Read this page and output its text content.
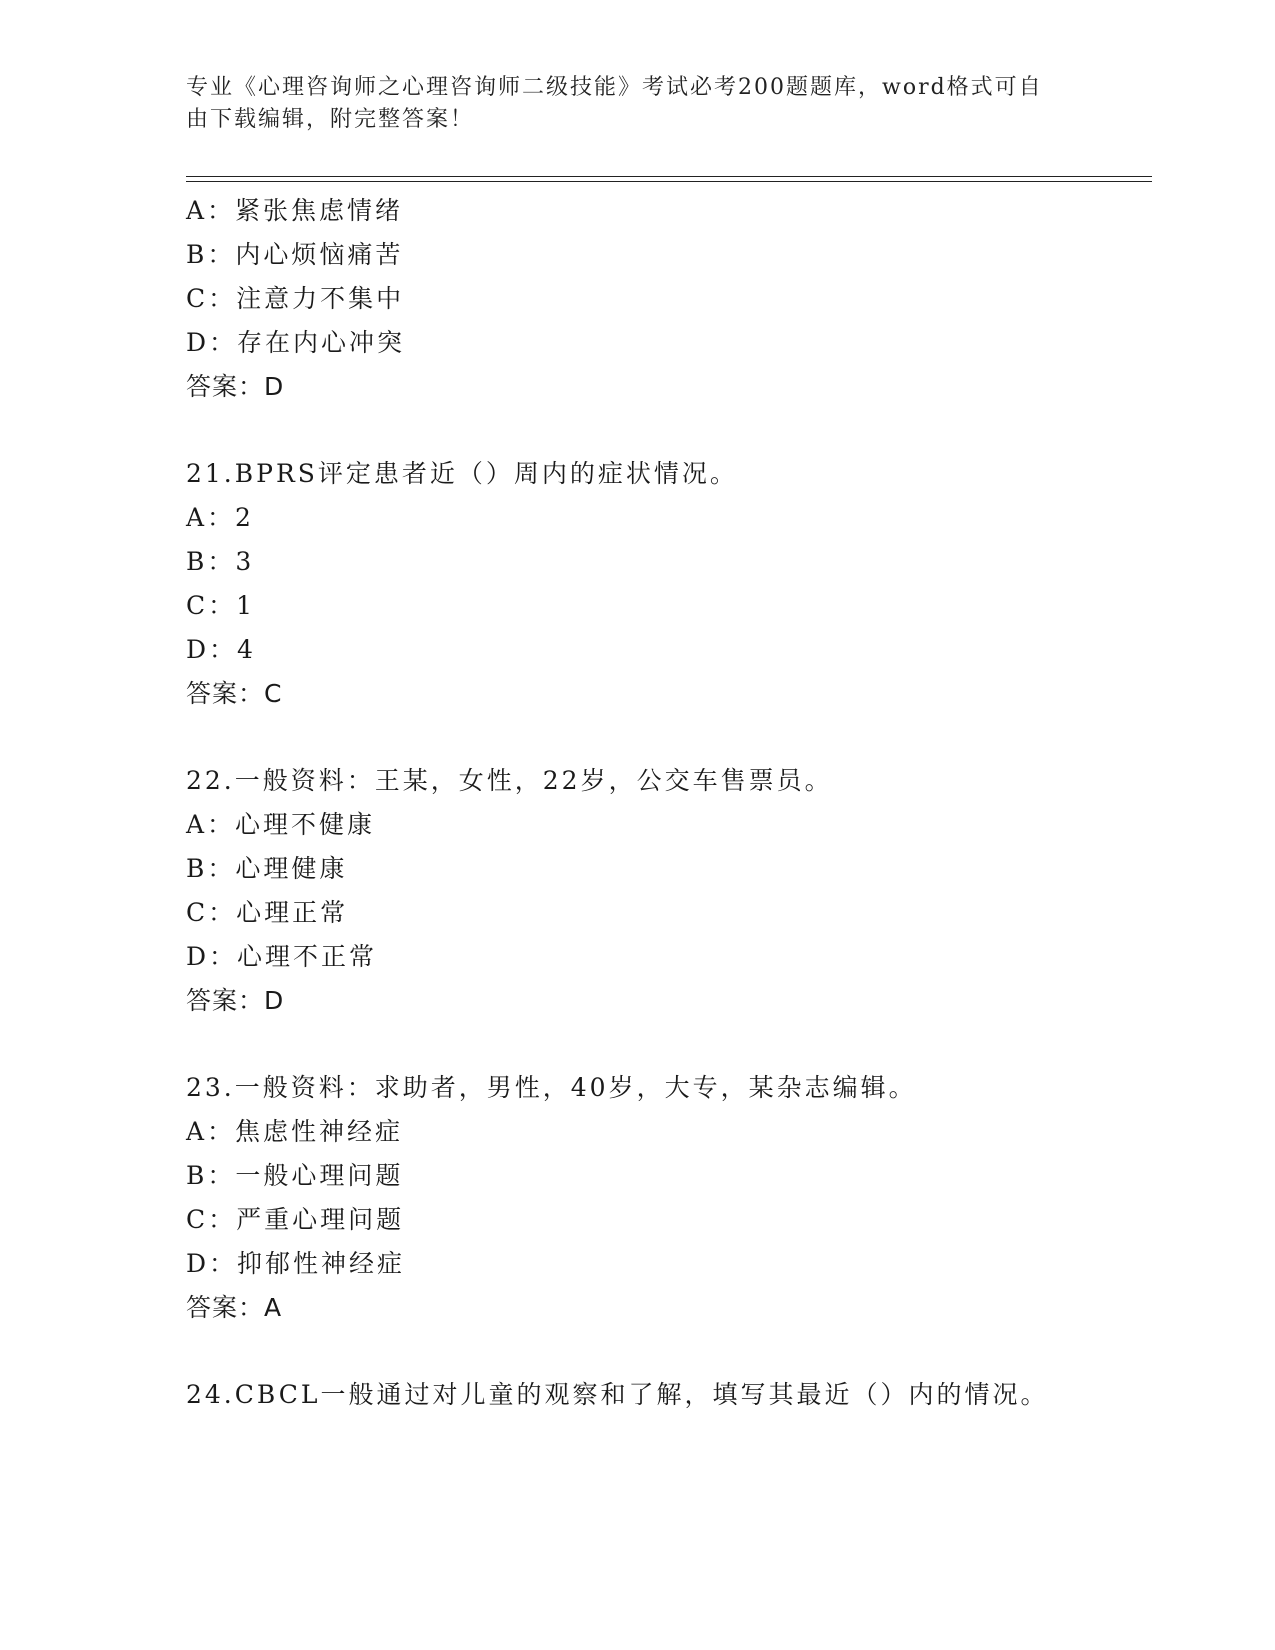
专业《心理咨询师之心理咨询师二级技能》考试必考200题题库，word格式可自由下载编辑，附完整答案！
A：紧张焦虑情绪
B：内心烦恼痛苦
C：注意力不集中
D：存在内心冲突
答案：D
21.BPRS评定患者近（）周内的症状情况。
A：2
B：3
C：1
D：4
答案：C
22.一般资料：王某，女性，22岁，公交车售票员。
A：心理不健康
B：心理健康
C：心理正常
D：心理不正常
答案：D
23.一般资料：求助者，男性，40岁，大专，某杂志编辑。
A：焦虑性神经症
B：一般心理问题
C：严重心理问题
D：抑郁性神经症
答案：A
24.CBCL一般通过对儿童的观察和了解，填写其最近（）内的情况。
